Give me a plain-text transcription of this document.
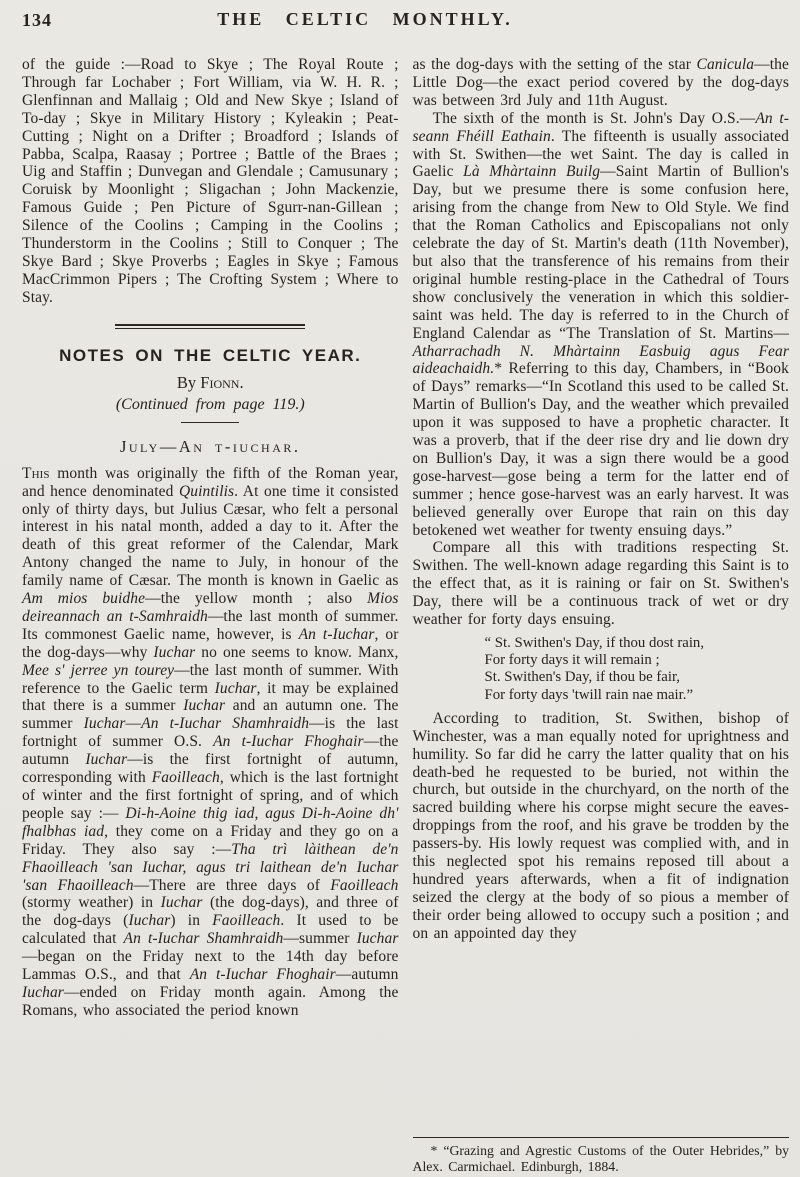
134	THE CELTIC MONTHLY.

of the guide :—Road to Skye ; The Royal Route ; Through far Lochaber ; Fort William, via W. H. R. ; Glenfinnan and Mallaig ; Old and New Skye ; Island of To-day ; Skye in Military History ; Kyleakin ; Peat-Cutting ; Night on a Drifter ; Broadford ; Islands of Pabba, Scalpa, Raasay ; Portree ; Battle of the Braes ; Uig and Staffin ; Dunvegan and Glendale ; Camusunary ; Coruisk by Moonlight ; Sligachan ; John Mackenzie, Famous Guide ; Pen Picture of Sgurr-nan-Gillean ; Silence of the Coolins ; Camping in the Coolins ; Thunderstorm in the Coolins ; Still to Conquer ; The Skye Bard ; Skye Proverbs ; Eagles in Skye ; Famous MacCrimmon Pipers ; The Crofting System ; Where to Stay.

NOTES ON THE CELTIC YEAR.
By Fionn.
(Continued from page 119.)
July—An t-iuchar.

This month was originally the fifth of the Roman year, and hence denominated Quintilis. At one time it consisted only of thirty days, but Julius Cæsar, who felt a personal interest in his natal month, added a day to it. After the death of this great reformer of the Calendar, Mark Antony changed the name to July, in honour of the family name of Cæsar. The month is known in Gaelic as Am mios buidhe—the yellow month ; also Mios deireannach an t-Samhraidh—the last month of summer. Its commonest Gaelic name, however, is An t-Iuchar, or the dog-days—why Iuchar no one seems to know. Manx, Mee s' jerree yn tourey—the last month of summer. With reference to the Gaelic term Iuchar, it may be explained that there is a summer Iuchar and an autumn one. The summer Iuchar—An t-Iuchar Shamhraidh—is the last fortnight of summer O.S. An t-Iuchar Fhoghair—the autumn Iuchar—is the first fortnight of autumn, corresponding with Faoilleach, which is the last fortnight of winter and the first fortnight of spring, and of which people say :— Di-h-Aoine thig iad, agus Di-h-Aoine dh' fhalbhas iad, they come on a Friday and they go on a Friday. They also say :—Tha trì làithean de'n Fhaoilleach 'san Iuchar, agus tri laithean de'n Iuchar 'san Fhaoilleach—There are three days of Faoilleach (stormy weather) in Iuchar (the dog-days), and three of the dog-days (Iuchar) in Faoilleach. It used to be calculated that An t-Iuchar Shamhraidh—summer Iuchar—began on the Friday next to the 14th day before Lammas O.S., and that An t-Iuchar Fhoghair—autumn Iuchar—ended on Friday month again. Among the Romans, who associated the period known

as the dog-days with the setting of the star Canicula—the Little Dog—the exact period covered by the dog-days was between 3rd July and 11th August.

The sixth of the month is St. John's Day O.S.—An t-seann Fhéill Eathain. The fifteenth is usually associated with St. Swithen—the wet Saint. The day is called in Gaelic Là Mhàrtainn Builg—Saint Martin of Bullion's Day, but we presume there is some confusion here, arising from the change from New to Old Style. We find that the Roman Catholics and Episcopalians not only celebrate the day of St. Martin's death (11th November), but also that the transference of his remains from their original humble resting-place in the Cathedral of Tours show conclusively the veneration in which this soldier-saint was held. The day is referred to in the Church of England Calendar as “The Translation of St. Martins—Atharrachadh N. Mhàrtainn Easbuig agus Fear aideachaidh.* Referring to this day, Chambers, in “Book of Days” remarks—“In Scotland this used to be called St. Martin of Bullion's Day, and the weather which prevailed upon it was supposed to have a prophetic character. It was a proverb, that if the deer rise dry and lie down dry on Bullion's Day, it was a sign there would be a good gose-harvest—gose being a term for the latter end of summer ; hence gose-harvest was an early harvest. It was believed generally over Europe that rain on this day betokened wet weather for twenty ensuing days.”

Compare all this with traditions respecting St. Swithen. The well-known adage regarding this Saint is to the effect that, as it is raining or fair on St. Swithen's Day, there will be a continuous track of wet or dry weather for forty days ensuing.

“ St. Swithen's Day, if thou dost rain,
For forty days it will remain ;
St. Swithen's Day, if thou be fair,
For forty days 'twill rain nae mair.”

According to tradition, St. Swithen, bishop of Winchester, was a man equally noted for uprightness and humility. So far did he carry the latter quality that on his death-bed he requested to be buried, not within the church, but outside in the churchyard, on the north of the sacred building where his corpse might secure the eaves-droppings from the roof, and his grave be trodden by the passers-by. His lowly request was complied with, and in this neglected spot his remains reposed till about a hundred years afterwards, when a fit of indignation seized the clergy at the body of so pious a member of their order being allowed to occupy such a position ; and on an appointed day they

* “Grazing and Agrestic Customs of the Outer Hebrides,” by Alex. Carmichael. Edinburgh, 1884.
